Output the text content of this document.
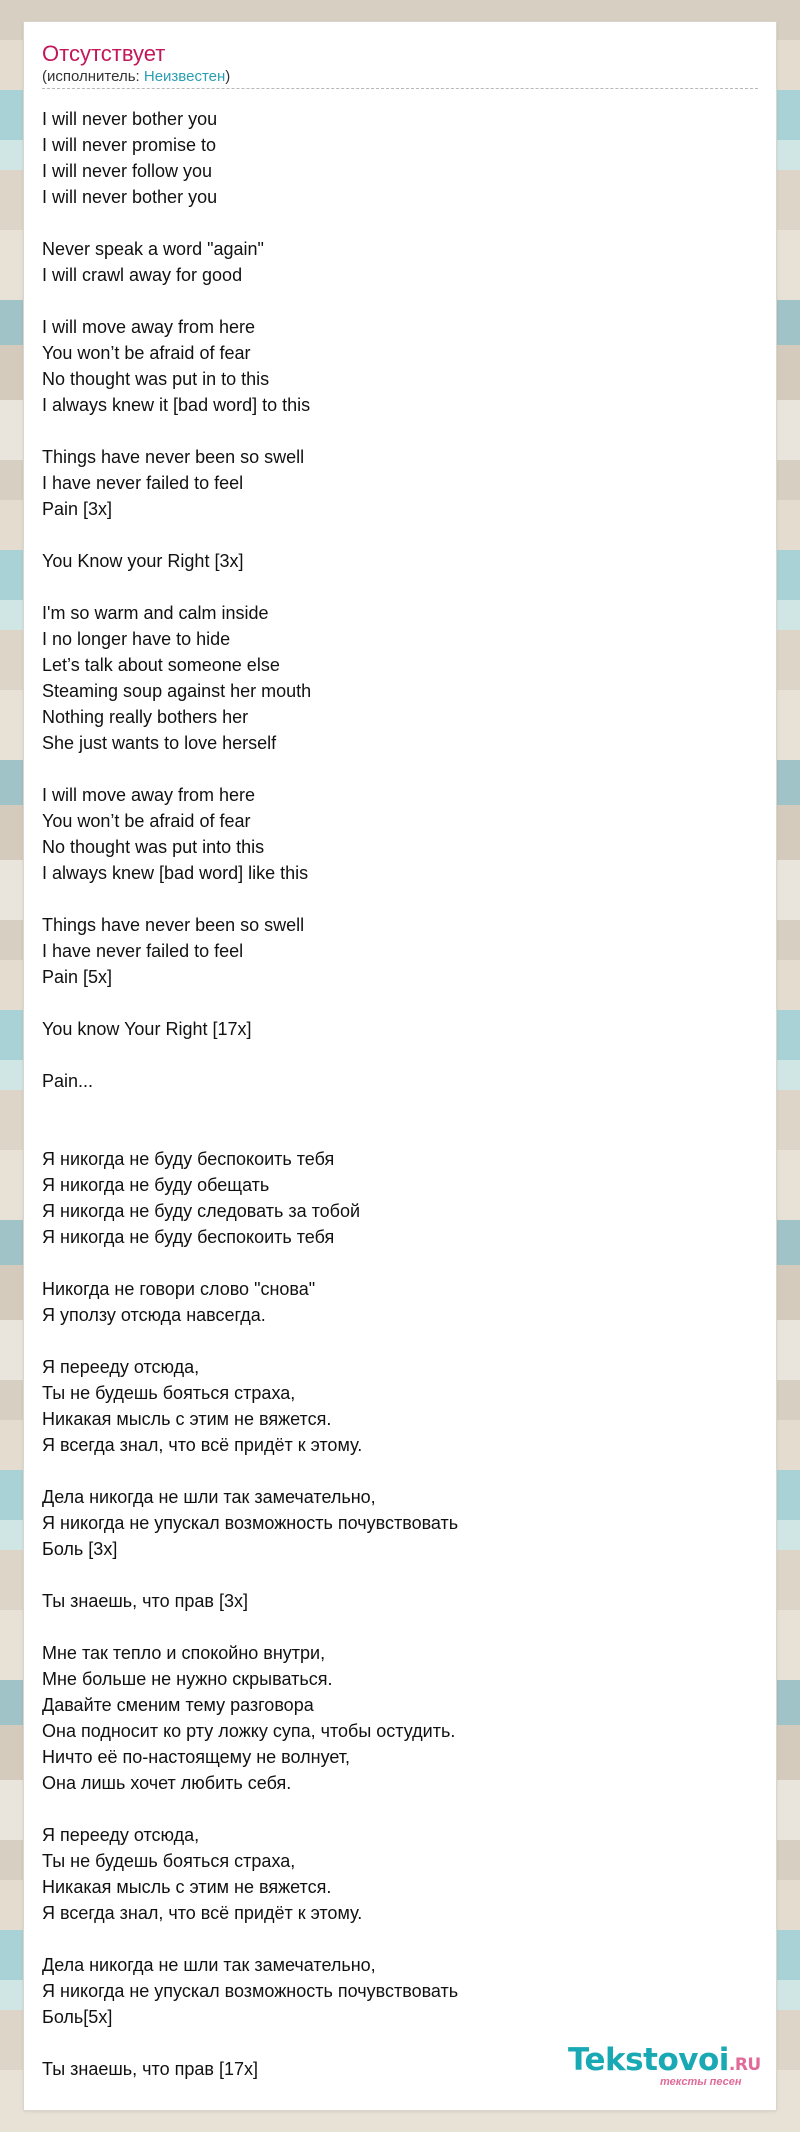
Отсутствует
(исполнитель: Неизвестен)
I will never bother you
I will never promise to
I will never follow you
I will never bother you
Never speak a word "again"
I will crawl away for good
I will move away from here
You won’t be afraid of fear
No thought was put in to this
I always knew it [bad word] to this
Things have never been so swell
I have never failed to feel
Pain [3x]
You Know your Right [3x]
I'm so warm and calm inside
I no longer have to hide
Let’s talk about someone else
Steaming soup against her mouth
Nothing really bothers her
She just wants to love herself
I will move away from here
You won’t be afraid of fear
No thought was put into this
I always knew [bad word] like this
Things have never been so swell
I have never failed to feel
Pain [5x]
You know Your Right [17x]
Pain...
Я никогда не буду беспокоить тебя
Я никогда не буду обещать
Я никогда не буду следовать за тобой
Я никогда не буду беспокоить тебя
Никогда не говори слово "снова"
Я уползу отсюда навсегда.
Я перееду отсюда,
Ты не будешь бояться страха,
Никакая мысль с этим не вяжется.
Я всегда знал, что всё придёт к этому.
Дела никогда не шли так замечательно,
Я никогда не упускал возможность почувствовать
Боль [3x]
Ты знаешь, что прав [3x]
Мне так тепло и спокойно внутри,
Мне больше не нужно скрываться.
Давайте сменим тему разговора
Она подносит ко рту ложку супа, чтобы остудить.
Ничто её по-настоящему не волнует,
Она лишь хочет любить себя.
Я перееду отсюда,
Ты не будешь бояться страха,
Никакая мысль с этим не вяжется.
Я всегда знал, что всё придёт к этому.
Дела никогда не шли так замечательно,
Я никогда не упускал возможность почувствовать
Боль[5x]
Ты знаешь, что прав [17x]	Tekstovoi.RU
тексты песен
